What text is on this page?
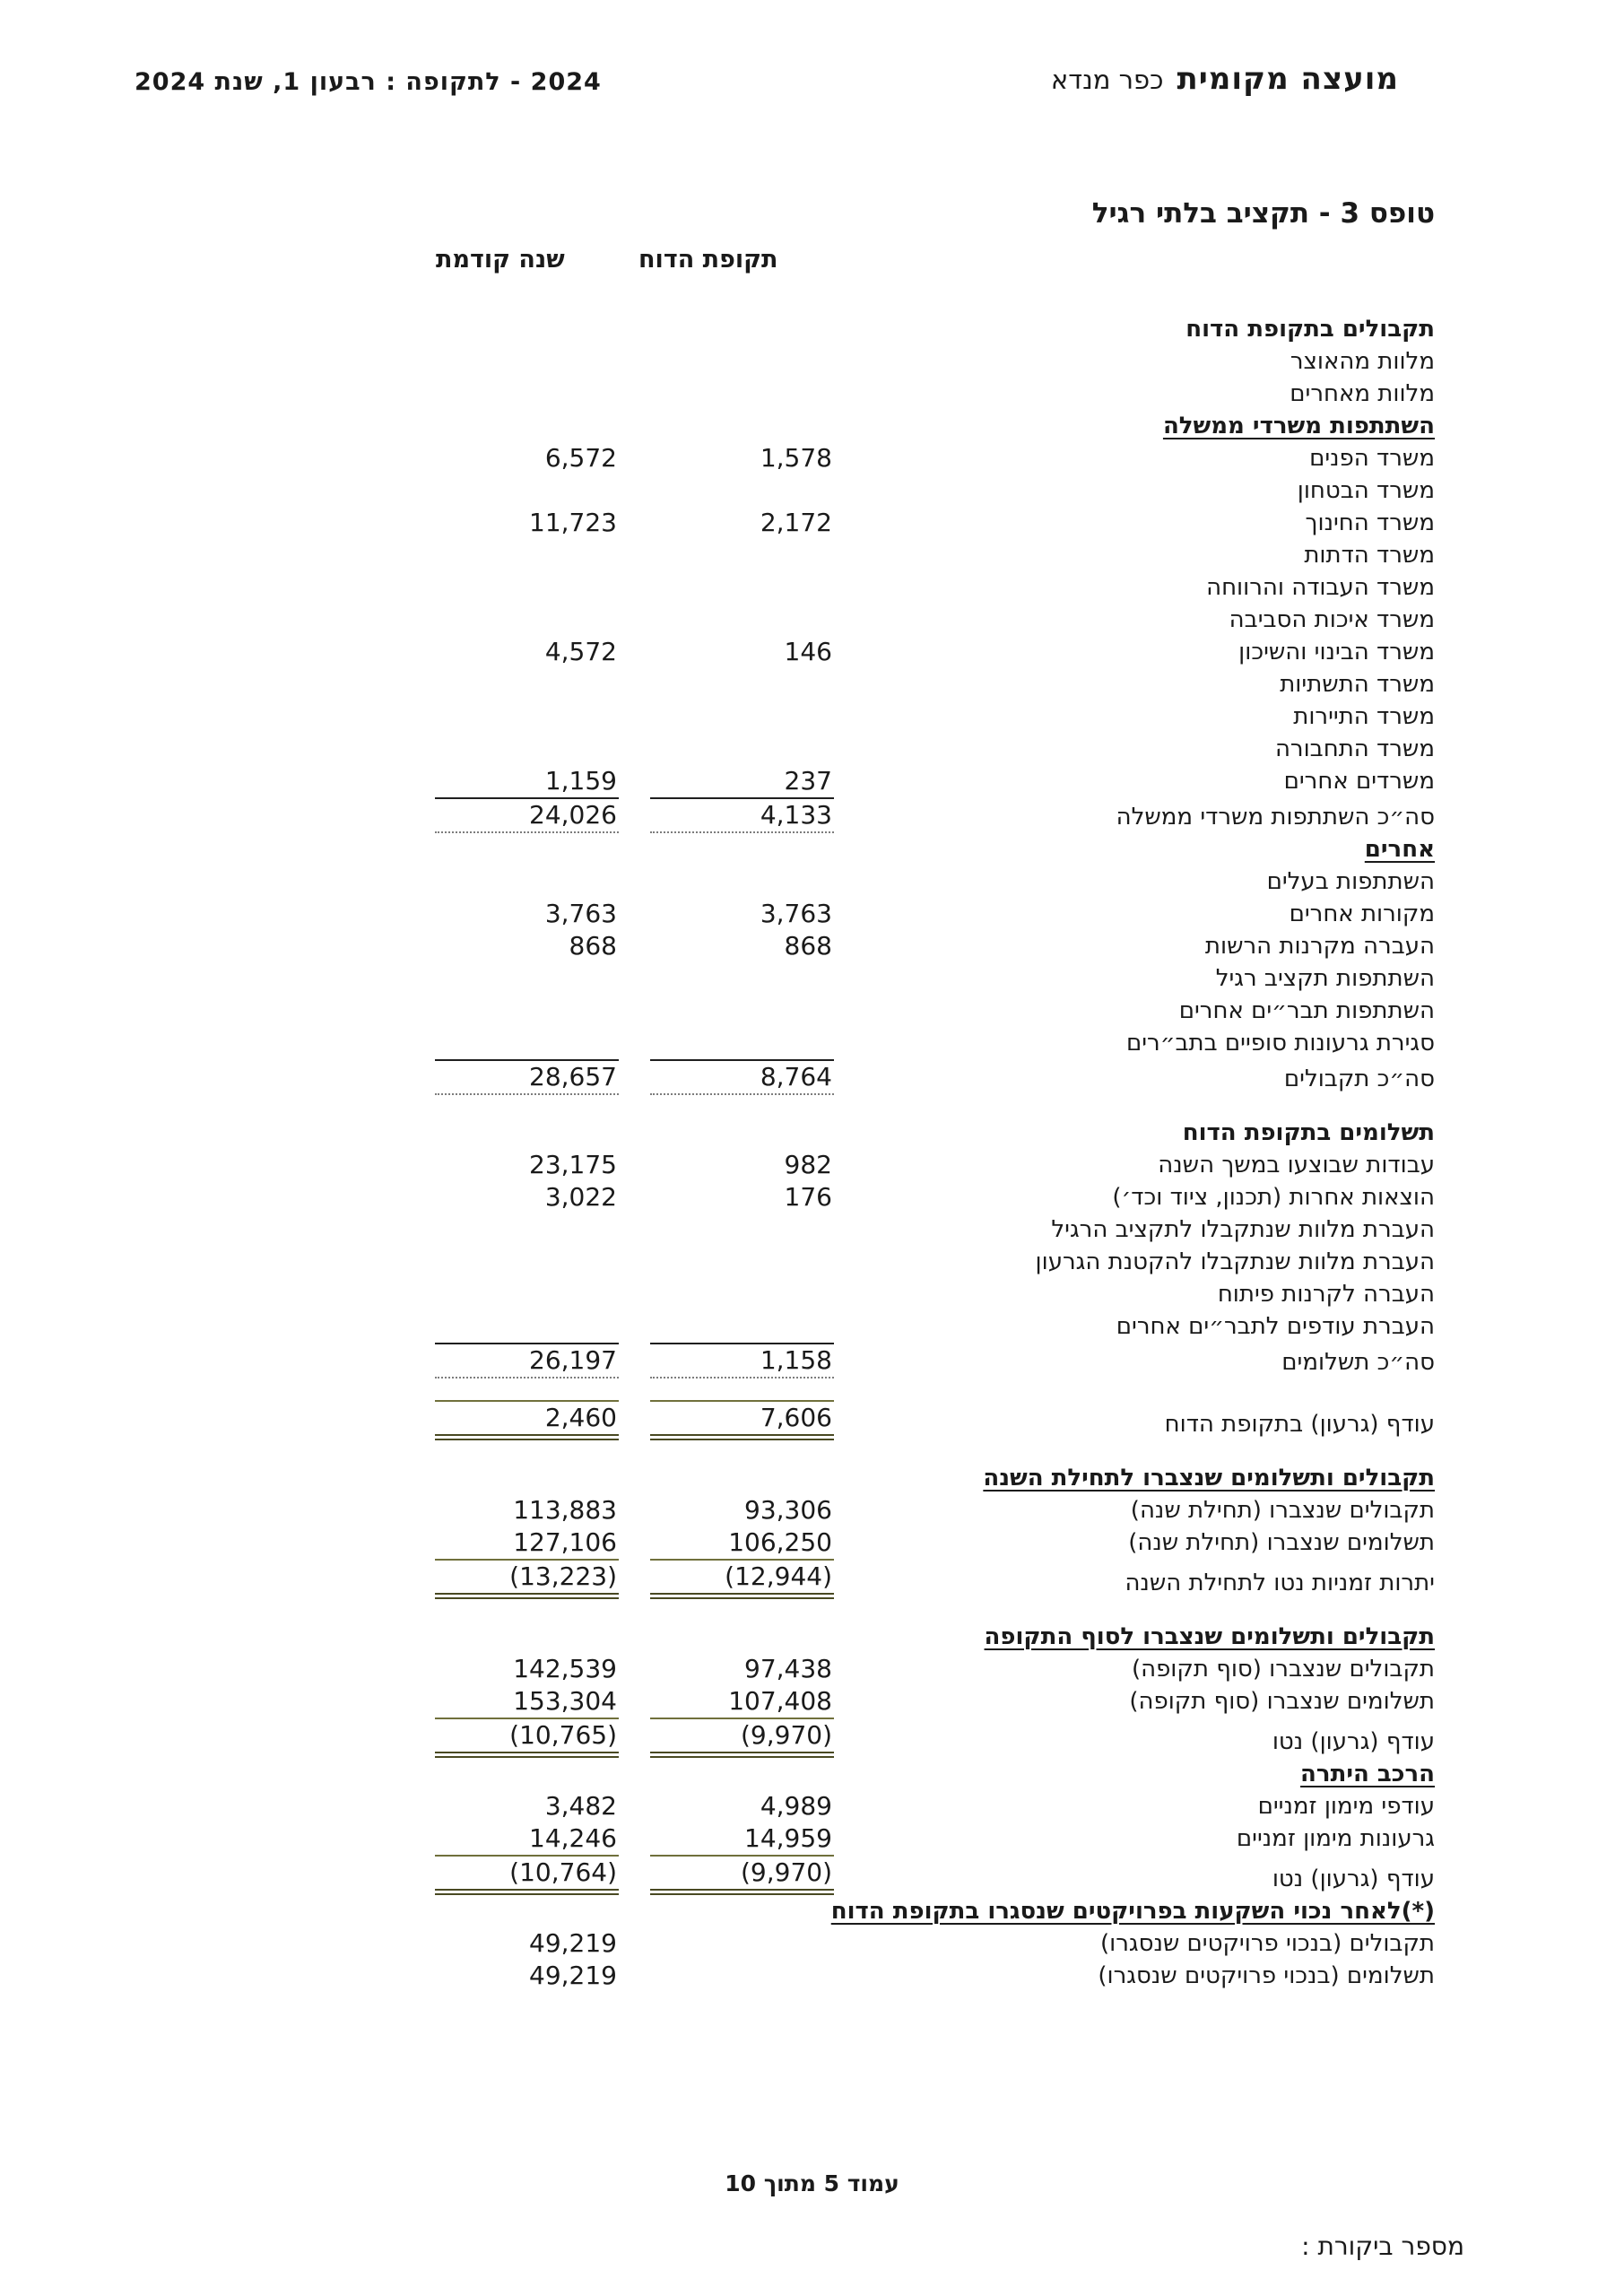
מועצה מקומית כפר מנדא
2024 - לתקופה : רבעון 1, שנת 2024
טופס 3 - תקציב בלתי רגיל
תקופת הדוח
שנה קודמת
תקבולים בתקופת הדוח

מלוות מהאוצר

מלוות מאחרים

השתתפות משרדי ממשלה

משרד הפנים
1,578
6,572
משרד הבטחון

משרד החינוך
2,172
11,723
משרד הדתות

משרד העבודה והרווחה

משרד איכות הסביבה

משרד הבינוי והשיכון
146
4,572
משרד התשתיות

משרד התיירות

משרד התחבורה

משרדים אחרים
237
1,159
סה״כ השתתפות משרדי ממשלה
4,133
24,026
אחרים

השתתפות בעלים

מקורות אחרים
3,763
3,763
העברה מקרנות הרשות
868
868
השתתפות תקציב רגיל

השתתפות תבר״ים אחרים

סגירת גרעונות סופיים בתב״רים

סה״כ תקבולים
8,764
28,657
תשלומים בתקופת הדוח

עבודות שבוצעו במשך השנה
982
23,175
הוצאות אחרות (תכנון, ציוד וכד׳)
176
3,022
העברת מלוות שנתקבלו לתקציב הרגיל

העברת מלוות שנתקבלו להקטנת הגרעון

העברה לקרנות פיתוח

העברת עודפים לתבר״ים אחרים

סה״כ תשלומים
1,158
26,197
עודף (גרעון) בתקופת הדוח
7,606
2,460
תקבולים ותשלומים שנצברו לתחילת השנה

תקבולים שנצברו (תחילת שנה)
93,306
113,883
תשלומים שנצברו (תחילת שנה)
106,250
127,106
יתרות זמניות נטו לתחילת השנה
(12,944)
(13,223)
תקבולים ותשלומים שנצברו לסוף התקופה

תקבולים שנצברו (סוף תקופה)
97,438
142,539
תשלומים שנצברו (סוף תקופה)
107,408
153,304
עודף (גרעון) נטו
(9,970)
(10,765)
הרכב היתרה

עודפי מימון זמניים
4,989
3,482
גרעונות מימון זמניים
14,959
14,246
עודף (גרעון) נטו
(9,970)
(10,764)
(*)לאחר נכוי השקעות בפרויקטים שנסגרו בתקופת הדוח

תקבולים (בנכוי פרויקטים שנסגרו)

49,219
תשלומים (בנכוי פרויקטים שנסגרו)

49,219
עמוד 5 מתוך 10
מספר ביקורת :
